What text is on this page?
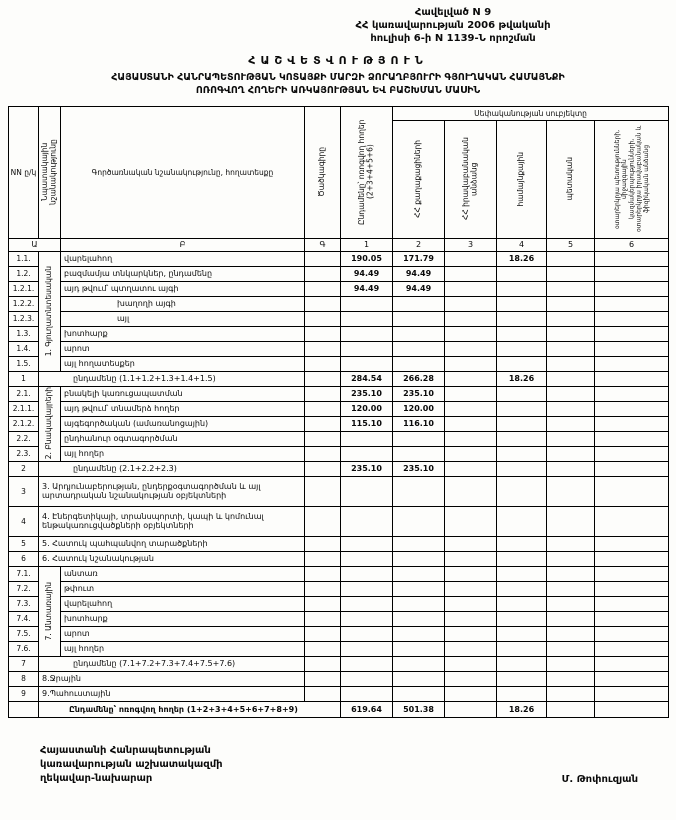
Հավելված N 9
ՀՀ կառավարության 2006 թվականի
հուլիսի 6-ի N 1139-Ն որոշման
ՀԱՇՎԵՏՎՈՒԹՅՈՒՆ
ՀԱՅԱՍՏԱՆԻ ՀԱՆՐԱՊԵՏՈՒԹՅԱՆ ԿՈՏԱՅՔԻ ՄԱՐԶԻ ՁՈՐԱՂԲՅՈՒՐԻ ԳՅՈՒՂԱԿԱՆ ՀԱՄԱՅՆՔԻ
ՈՌՈԳՎՈՂ ՀՈՂԵՐԻ ԱՌԿԱՅՈՒԹՅԱՆ ԵՎ ԲԱՇԽՄԱՆ ՄԱՍԻՆ
NN ը/կ	Նպատակային նշանակությունը	Գործառնական նշանակությունը, հողատեսքը	Ծածկագիրը	Ընդամենը՝ ոռոգվող հողեր (2+3+4+5+6)	Սեփականության սուբյեկտը				

					ՀՀ քաղաքացիների	ՀՀ իրավաբանական անձանց	համայնքային	պետական	օտարերկրյա պետությունների, միջազգային կազմակերպությունների, օտարերկրյա իրավաբանական և ֆիզիկական անձանց

Ա		Բ	Գ	1	2	3	4	5	6
1.1.	1. Գյուղատնտեսական	վարելահող		190.05	171.79		18.26		
1.2.		բազմամյա տնկարկներ, ընդամենը		94.49	94.49				
1.2.1.		այդ թվում՝ պտղատու այգի		94.49	94.49				
1.2.2.		խաղողի այգի							
1.2.3.		այլ							
1.3.		խոտհարք							
1.4.		արոտ							
1.5.		այլ հողատեսքեր							
1	ընդամենը (1.1+1.2+1.3+1.4+1.5)			284.54	266.28		18.26		
2.1.	2. Բնակավայրերի	բնակելի կառուցապատման		235.10	235.10				
2.1.1.		այդ թվում՝ տնամերձ հողեր		120.00	120.00				
2.1.2.		այգեգործական (ամառանոցային)		115.10	116.10				
2.2.		ընդհանուր օգտագործման							
2.3.		այլ հողեր							
2	ընդամենը (2.1+2.2+2.3)			235.10	235.10				
3	3. Արդյունաբերության, ընդերքօգտագործման և այլ արտադրական նշանակության օբյեկտների								
4	4. Էներգետիկայի, տրանսպորտի, կապի և կոմունալ ենթակառուցվածքների օբյեկտների								
5	5. Հատուկ պահպանվող տարածքների								
6	6. Հատուկ նշանակության								
7.1.	7. Անտառային	անտառ							
7.2.		թփուտ							
7.3.		վարելահող							
7.4.		խոտհարք							
7.5.		արոտ							
7.6.		այլ հողեր							
7	ընդամենը (7.1+7.2+7.3+7.4+7.5+7.6)								
8	8.Ջրային								
9	9.Պահուստային								
	Ընդամենը՝ ոռոգվող հողեր (1+2+3+4+5+6+7+8+9)			619.64	501.38		18.26		
Հայաստանի Հանրապետության
կառավարության աշխատակազմի
ղեկավար-նախարար	Մ. Թոփուզյան
